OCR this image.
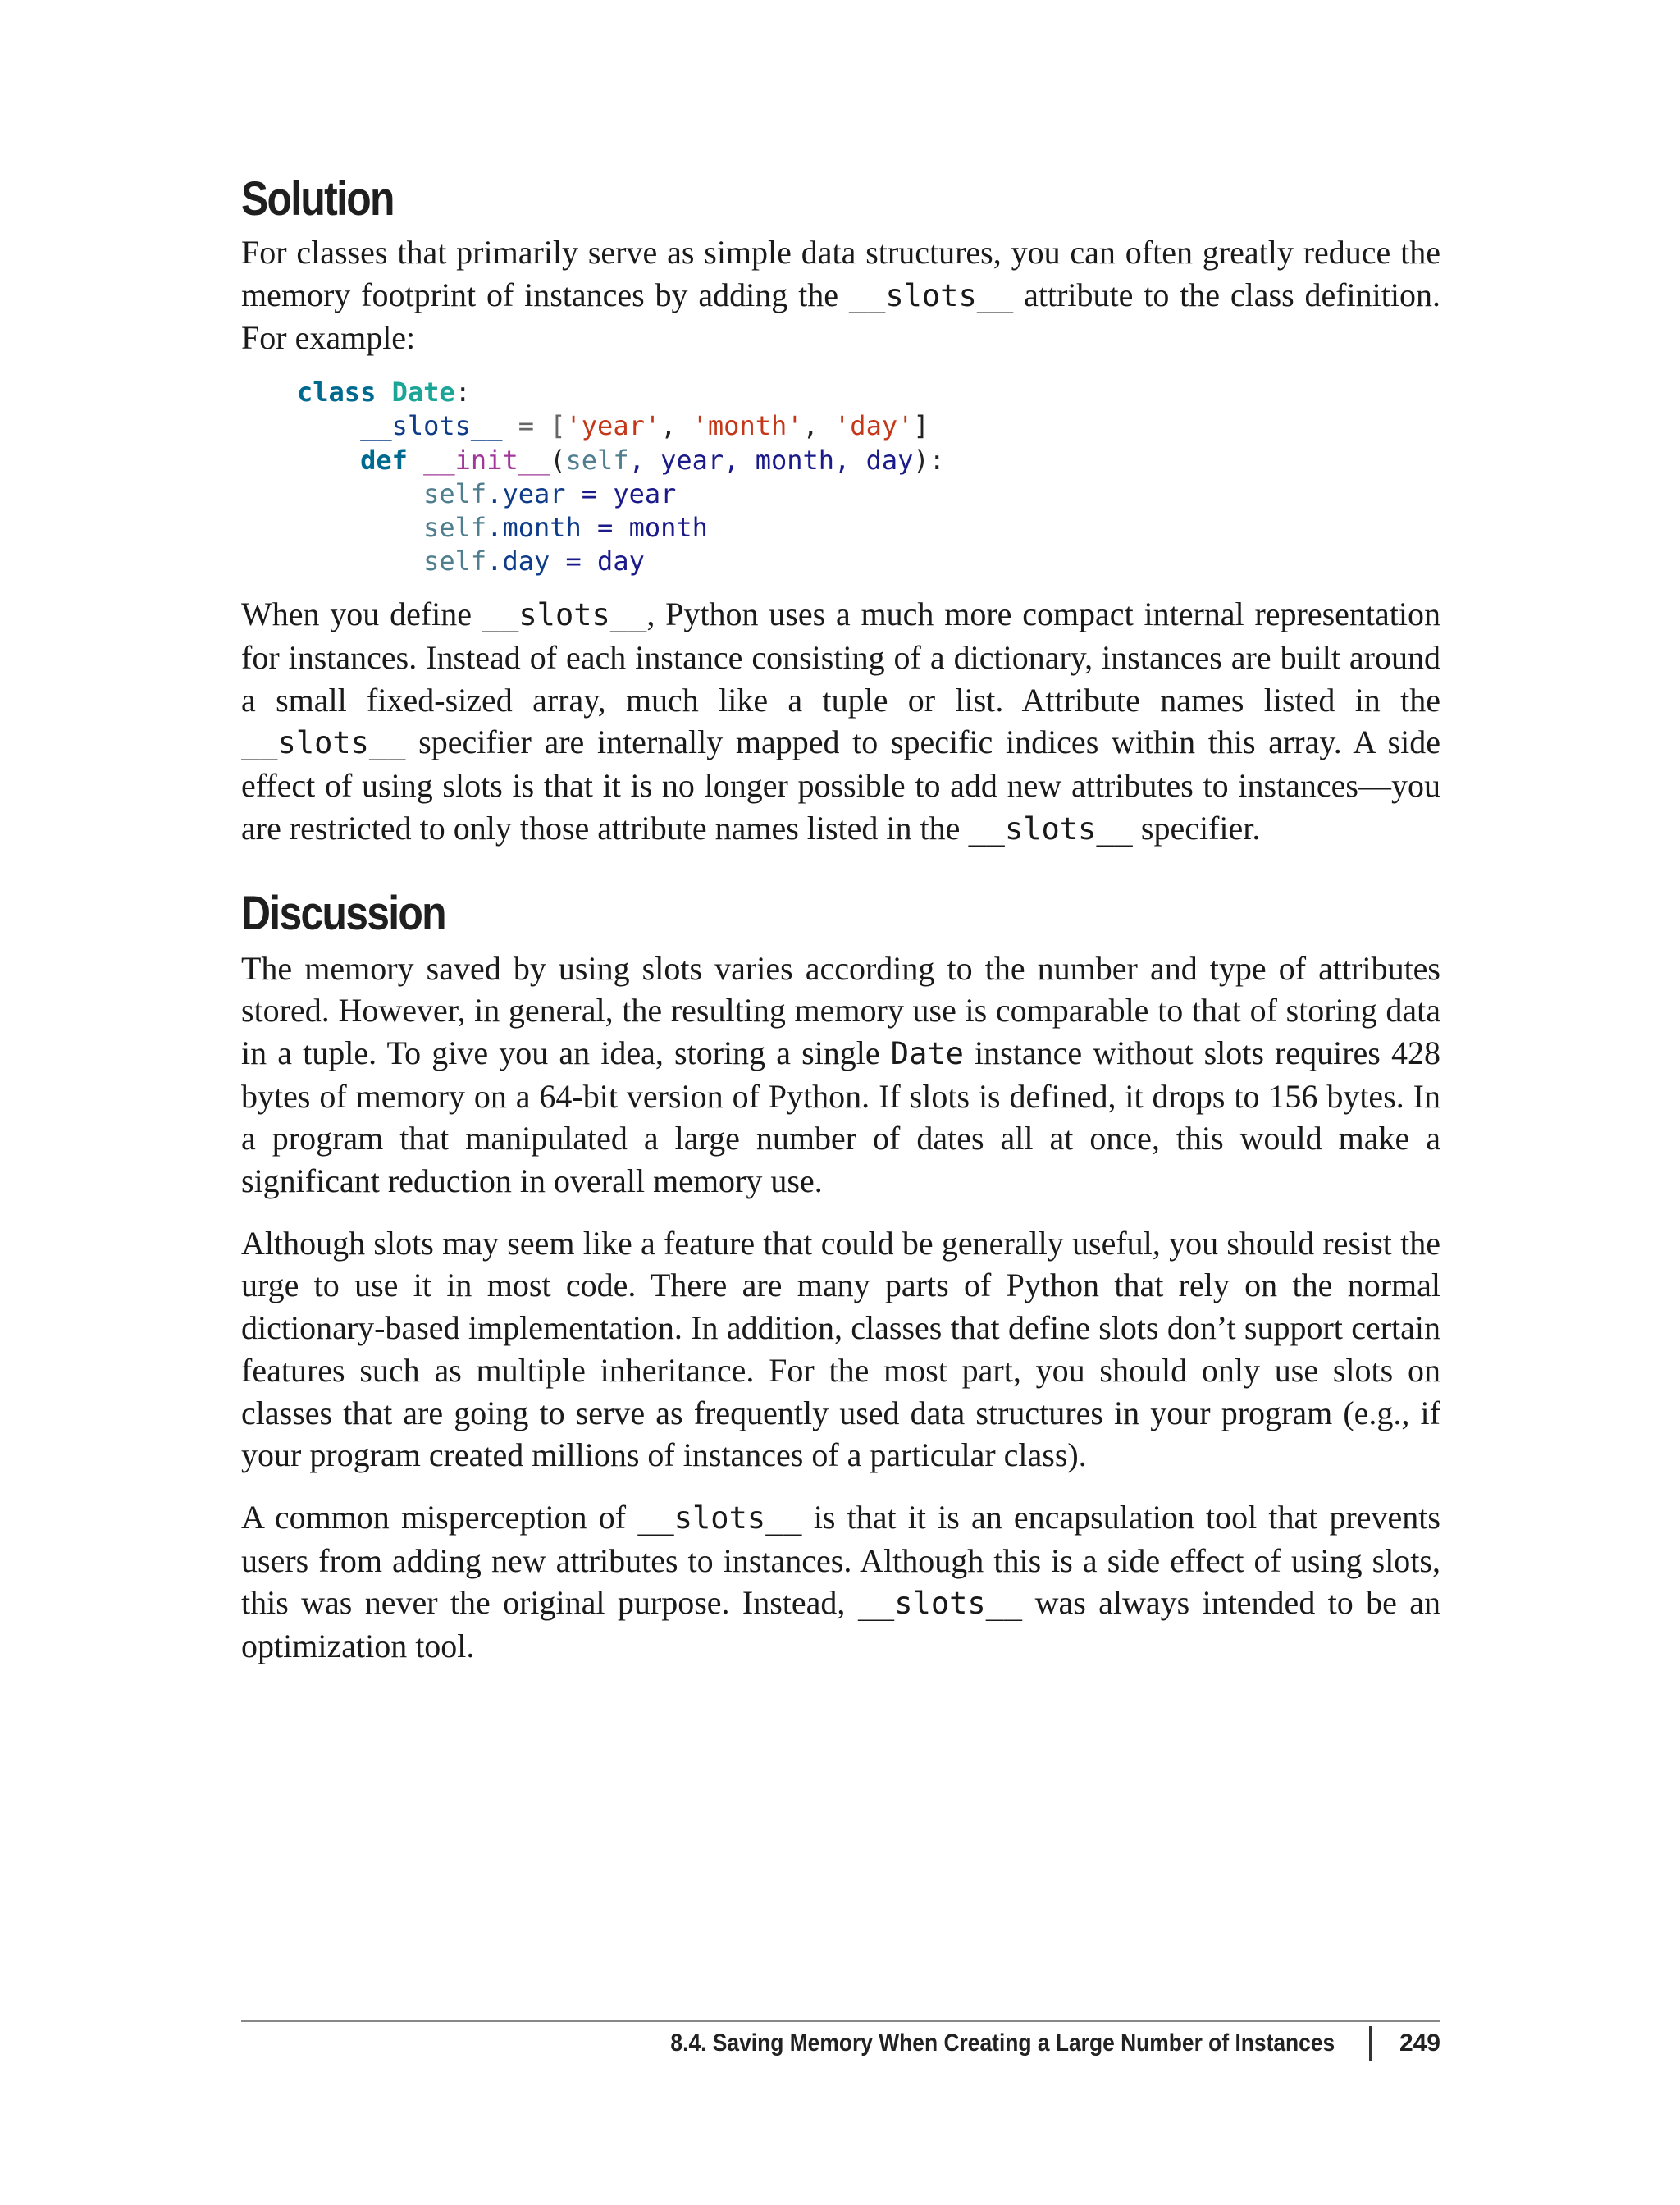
Solution

For classes that primarily serve as simple data structures, you can often greatly reduce the memory footprint of instances by adding the __slots__ attribute to the class definition. For example:

class Date:
__slots__ = ['year', 'month', 'day']
def __init__(self, year, month, day):
self.year = year
self.month = month
self.day = day

When you define __slots__, Python uses a much more compact internal representation for instances. Instead of each instance consisting of a dictionary, instances are built around a small fixed-sized array, much like a tuple or list. Attribute names listed in the __slots__ specifier are internally mapped to specific indices within this array. A side effect of using slots is that it is no longer possible to add new attributes to instances—you are restricted to only those attribute names listed in the __slots__ specifier.

Discussion

The memory saved by using slots varies according to the number and type of attributes stored. However, in general, the resulting memory use is comparable to that of storing data in a tuple. To give you an idea, storing a single Date instance without slots requires 428 bytes of memory on a 64-bit version of Python. If slots is defined, it drops to 156 bytes. In a program that manipulated a large number of dates all at once, this would make a significant reduction in overall memory use.

Although slots may seem like a feature that could be generally useful, you should resist the urge to use it in most code. There are many parts of Python that rely on the normal dictionary-based implementation. In addition, classes that define slots don’t support certain features such as multiple inheritance. For the most part, you should only use slots on classes that are going to serve as frequently used data structures in your program (e.g., if your program created millions of instances of a particular class).

A common misperception of __slots__ is that it is an encapsulation tool that prevents users from adding new attributes to instances. Although this is a side effect of using slots, this was never the original purpose. Instead, __slots__ was always intended to be an optimization tool.

8.4. Saving Memory When Creating a Large Number of Instances	249
